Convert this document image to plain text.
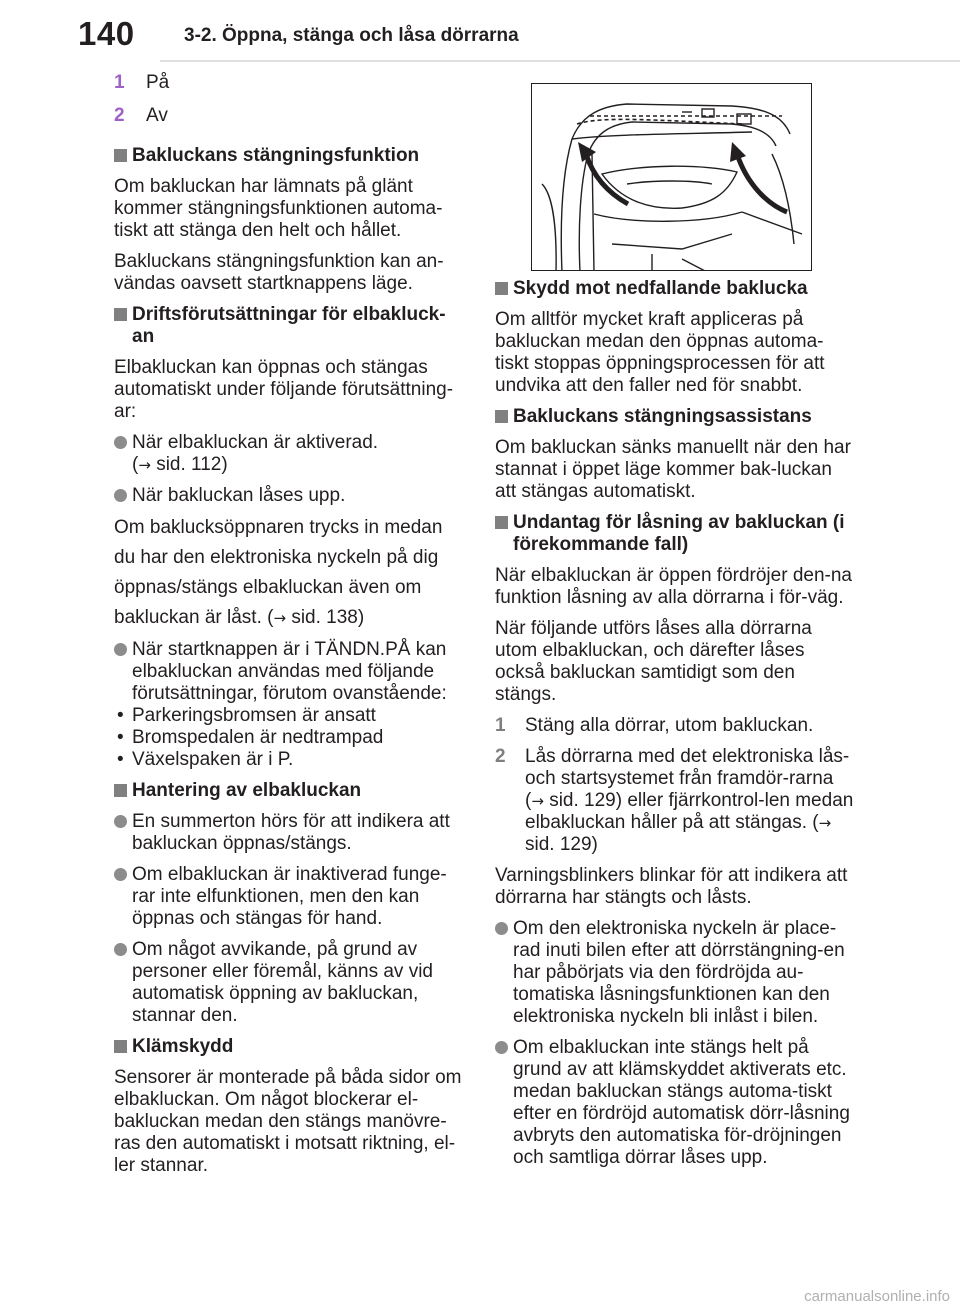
140	3-2. Öppna, stänga och låsa dörrarna
1 På
2 Av
Bakluckans stängningsfunktion

Om bakluckan har lämnats på glänt kommer stängningsfunktionen automa-tiskt att stänga den helt och hållet.

Bakluckans stängningsfunktion kan an-vändas oavsett startknappens läge.

Driftsförutsättningar för elbakluck-an

Elbakluckan kan öppnas och stängas automatiskt under följande förutsättning-ar:

När elbakluckan är aktiverad.
(→ sid. 112)
När bakluckan låses upp.
Om baklucksöppnaren trycks in medan
du har den elektroniska nyckeln på dig
öppnas/stängs elbakluckan även om
bakluckan är låst. (→ sid. 138)
När startknappen är i TÄNDN.PÅ kan elbakluckan användas med följande förutsättningar, förutom ovanstående:
• Parkeringsbromsen är ansatt
• Bromspedalen är nedtrampad
• Växelspaken är i P.
Hantering av elbakluckan
En summerton hörs för att indikera att bakluckan öppnas/stängs.
Om elbakluckan är inaktiverad funge-rar inte elfunktionen, men den kan öppnas och stängas för hand.
Om något avvikande, på grund av personer eller föremål, känns av vid automatisk öppning av bakluckan, stannar den.
Klämskydd

Sensorer är monterade på båda sidor om elbakluckan. Om något blockerar el-bakluckan medan den stängs manövre-ras den automatiskt i motsatt riktning, el-ler stannar.

Skydd mot nedfallande baklucka

Om alltför mycket kraft appliceras på bakluckan medan den öppnas automa-tiskt stoppas öppningsprocessen för att undvika att den faller ned för snabbt.

Bakluckans stängningsassistans

Om bakluckan sänks manuellt när den har stannat i öppet läge kommer bak-luckan att stängas automatiskt.

Undantag för låsning av bakluckan (i förekommande fall)

När elbakluckan är öppen fördröjer den-na funktion låsning av alla dörrarna i för-väg.

När följande utförs låses alla dörrarna utom elbakluckan, och därefter låses också bakluckan samtidigt som den stängs.

1 Stäng alla dörrar, utom bakluckan.
2 Lås dörrarna med det elektroniska lås- och startsystemet från framdör-rarna (→ sid. 129) eller fjärrkontrol-len medan elbakluckan håller på att stängas. (→ sid. 129)

Varningsblinkers blinkar för att indikera att dörrarna har stängts och låsts.

Om den elektroniska nyckeln är place-rad inuti bilen efter att dörrstängning-en har påbörjats via den fördröjda au-tomatiska låsningsfunktionen kan den elektroniska nyckeln bli inlåst i bilen.
Om elbakluckan inte stängs helt på grund av att klämskyddet aktiverats etc. medan bakluckan stängs automa-tiskt efter en fördröjd automatisk dörr-låsning avbryts den automatiska för-dröjningen och samtliga dörrar låses upp.
carmanualsonline.info
